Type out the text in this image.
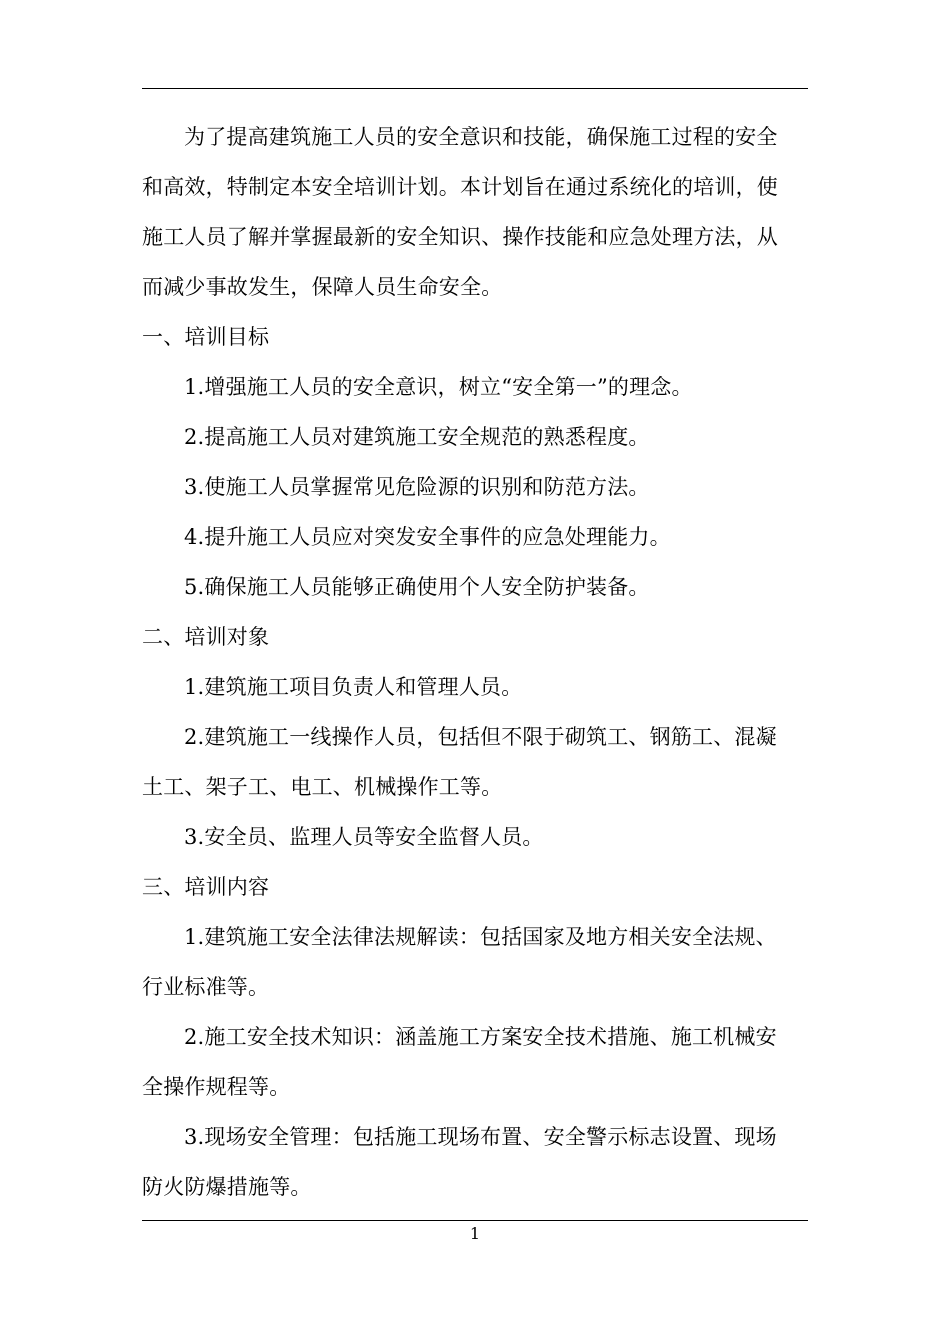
为了提高建筑施工人员的安全意识和技能，确保施工过程的安全
和高效，特制定本安全培训计划。本计划旨在通过系统化的培训，使
施工人员了解并掌握最新的安全知识、操作技能和应急处理方法，从
而减少事故发生，保障人员生命安全。
一、培训目标
1.增强施工人员的安全意识，树立“安全第一”的理念。
2.提高施工人员对建筑施工安全规范的熟悉程度。
3.使施工人员掌握常见危险源的识别和防范方法。
4.提升施工人员应对突发安全事件的应急处理能力。
5.确保施工人员能够正确使用个人安全防护装备。
二、培训对象
1.建筑施工项目负责人和管理人员。
2.建筑施工一线操作人员，包括但不限于砌筑工、钢筋工、混凝
土工、架子工、电工、机械操作工等。
3.安全员、监理人员等安全监督人员。
三、培训内容
1.建筑施工安全法律法规解读：包括国家及地方相关安全法规、
行业标准等。
2.施工安全技术知识：涵盖施工方案安全技术措施、施工机械安
全操作规程等。
3.现场安全管理：包括施工现场布置、安全警示标志设置、现场
防火防爆措施等。
1
